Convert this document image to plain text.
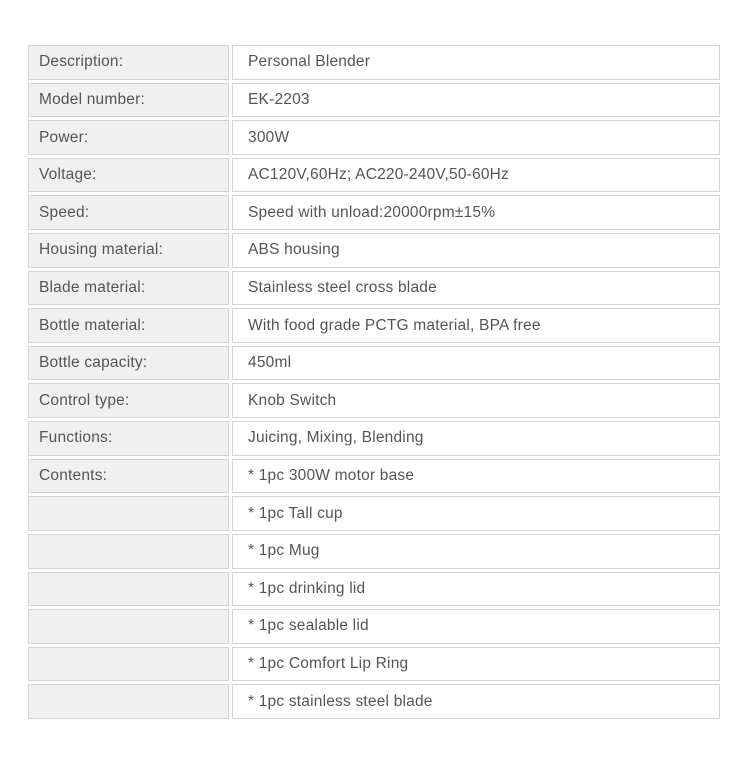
Description:	Personal Blender
Model number:	EK-2203
Power:	300W
Voltage:	AC120V,60Hz; AC220-240V,50-60Hz
Speed:	Speed with unload:20000rpm±15%
Housing material:	ABS housing
Blade material:	Stainless steel cross blade
Bottle material:	With food grade PCTG material, BPA free
Bottle capacity:	450ml
Control type:	Knob Switch
Functions:	Juicing, Mixing, Blending
Contents:	* 1pc 300W motor base
	* 1pc Tall cup
	* 1pc Mug
	* 1pc drinking lid
	* 1pc sealable lid
	* 1pc Comfort Lip Ring
	* 1pc stainless steel blade
